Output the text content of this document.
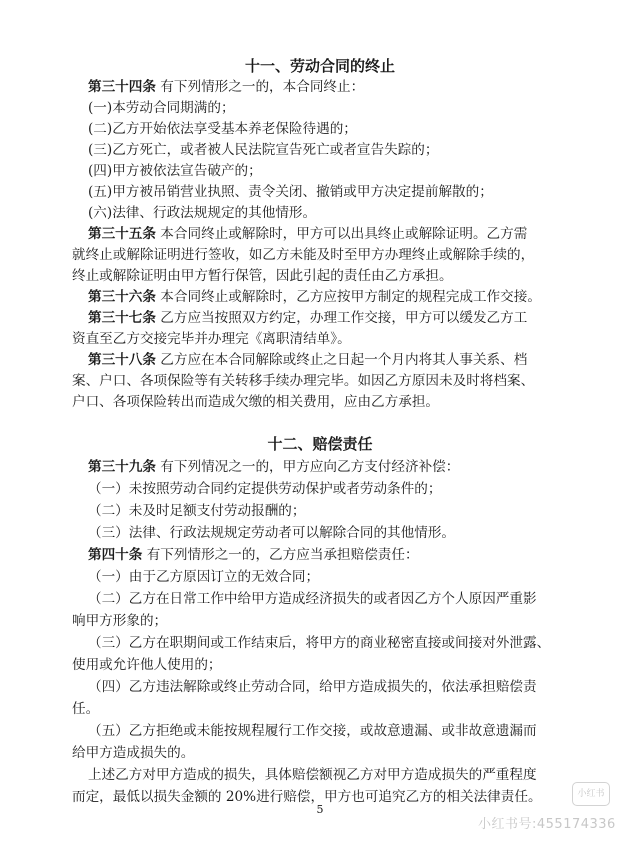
十一、劳动合同的终止
第三十四条 有下列情形之一的，本合同终止：
(一)本劳动合同期满的；
(二)乙方开始依法享受基本养老保险待遇的；
(三)乙方死亡，或者被人民法院宣告死亡或者宣告失踪的；
(四)甲方被依法宣告破产的；
(五)甲方被吊销营业执照、责令关闭、撤销或甲方决定提前解散的；
(六)法律、行政法规规定的其他情形。
第三十五条 本合同终止或解除时，甲方可以出具终止或解除证明。乙方需
就终止或解除证明进行签收，如乙方未能及时至甲方办理终止或解除手续的，
终止或解除证明由甲方暂行保管，因此引起的责任由乙方承担。
第三十六条 本合同终止或解除时，乙方应按甲方制定的规程完成工作交接。
第三十七条 乙方应当按照双方约定，办理工作交接，甲方可以缓发乙方工
资直至乙方交接完毕并办理完《离职清结单》。
第三十八条 乙方应在本合同解除或终止之日起一个月内将其人事关系、档
案、户口、各项保险等有关转移手续办理完毕。如因乙方原因未及时将档案、
户口、各项保险转出而造成欠缴的相关费用，应由乙方承担。
十二、赔偿责任
第三十九条 有下列情况之一的，甲方应向乙方支付经济补偿：
（一）未按照劳动合同约定提供劳动保护或者劳动条件的；
（二）未及时足额支付劳动报酬的；
（三）法律、行政法规规定劳动者可以解除合同的其他情形。
第四十条 有下列情形之一的，乙方应当承担赔偿责任：
（一）由于乙方原因订立的无效合同；
（二）乙方在日常工作中给甲方造成经济损失的或者因乙方个人原因严重影
响甲方形象的；
（三）乙方在职期间或工作结束后，将甲方的商业秘密直接或间接对外泄露、
使用或允许他人使用的；
（四）乙方违法解除或终止劳动合同，给甲方造成损失的，依法承担赔偿责
任。
（五）乙方拒绝或未能按规程履行工作交接，或故意遗漏、或非故意遗漏而
给甲方造成损失的。
上述乙方对甲方造成的损失，具体赔偿额视乙方对甲方造成损失的严重程度
而定，最低以损失金额的 20%进行赔偿，甲方也可追究乙方的相关法律责任。
5
小红书
小红书号:455174336
